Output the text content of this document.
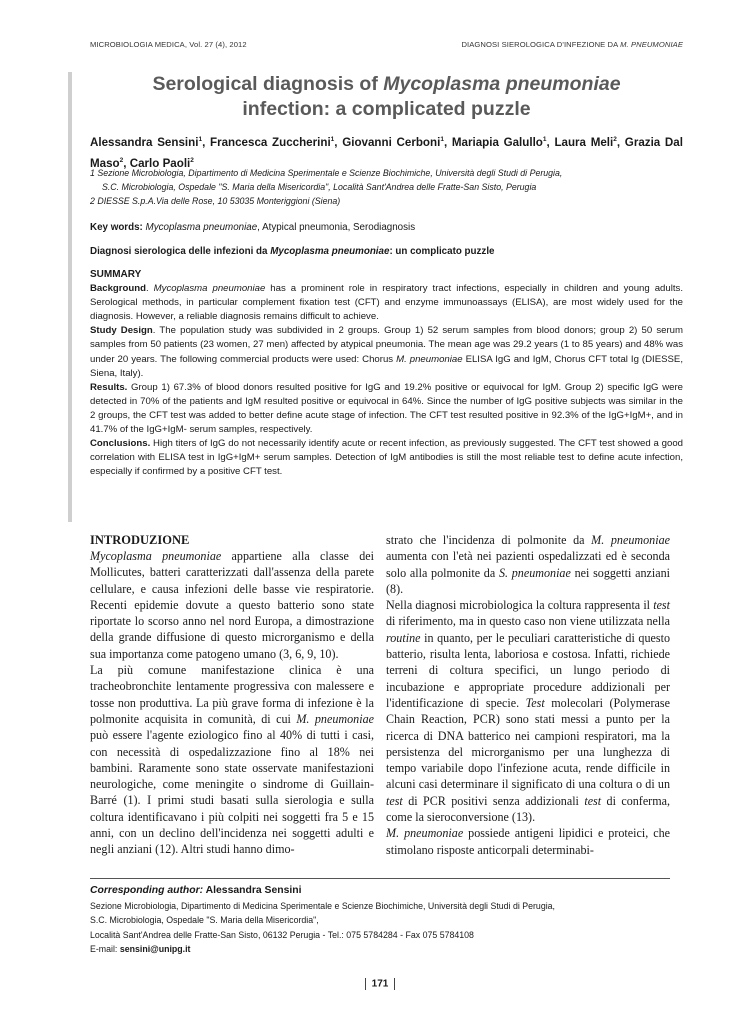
MICROBIOLOGIA MEDICA, Vol. 27 (4), 2012	DIAGNOSI SIEROLOGICA D'INFEZIONE DA M. PNEUMONIAE
Serological diagnosis of Mycoplasma pneumoniae
infection: a complicated puzzle
Alessandra Sensini$^1$, Francesca Zuccherini$^1$, Giovanni Cerboni$^1$, Mariapia Galullo$^1$, Laura Meli$^2$, Grazia Dal Maso$^2$, Carlo Paoli$^2$
1 Sezione Microbiologia, Dipartimento di Medicina Sperimentale e Scienze Biochimiche, Università degli Studi di Perugia,
S.C. Microbiologia, Ospedale "S. Maria della Misericordia", Località Sant'Andrea delle Fratte-San Sisto, Perugia
2 DIESSE S.p.A.Via delle Rose, 10 53035 Monteriggioni (Siena)
Key words: Mycoplasma pneumoniae, Atypical pneumonia, Serodiagnosis
Diagnosi sierologica delle infezioni da Mycoplasma pneumoniae: un complicato puzzle
SUMMARY
Background. Mycoplasma pneumoniae has a prominent role in respiratory tract infections, especially in children and young adults. Serological methods, in particular complement fixation test (CFT) and enzyme immunoassays (ELISA), are most widely used for the diagnosis. However, a reliable diagnosis remains difficult to achieve.
Study Design. The population study was subdivided in 2 groups. Group 1) 52 serum samples from blood donors; group 2) 50 serum samples from 50 patients (23 women, 27 men) affected by atypical pneumonia. The mean age was 29.2 years (1 to 85 years) and 48% was under 20 years. The following commercial products were used: Chorus M. pneumoniae ELISA IgG and IgM, Chorus CFT total Ig (DIESSE, Siena, Italy).
Results. Group 1) 67.3% of blood donors resulted positive for IgG and 19.2% positive or equivocal for IgM. Group 2) specific IgG were detected in 70% of the patients and IgM resulted positive or equivocal in 64%. Since the number of IgG positive subjects was similar in the 2 groups, the CFT test was added to better define acute stage of infection. The CFT test resulted positive in 92.3% of the IgG+IgM+, and in 41.7% of the IgG+IgM- serum samples, respectively.
Conclusions. High titers of IgG do not necessarily identify acute or recent infection, as previously suggested. The CFT test showed a good correlation with ELISA test in IgG+IgM+ serum samples. Detection of IgM antibodies is still the most reliable test to define acute infection, especially if confirmed by a positive CFT test.
INTRODUZIONE

Mycoplasma pneumoniae appartiene alla classe dei Mollicutes, batteri caratterizzati dall'assenza della parete cellulare, e causa infezioni delle basse vie respiratorie. Recenti epidemie dovute a questo batterio sono state riportate lo scorso anno nel nord Europa, a dimostrazione della grande diffusione di questo microrganismo e della sua importanza come patogeno umano (3, 6, 9, 10).

La più comune manifestazione clinica è una tracheobronchite lentamente progressiva con malessere e tosse non produttiva. La più grave forma di infezione è la polmonite acquisita in comunità, di cui M. pneumoniae può essere l'agente eziologico fino al 40% di tutti i casi, con necessità di ospedalizzazione fino al 18% nei bambini. Raramente sono state osservate manifestazioni neurologiche, come meningite o sindrome di Guillain-Barré (1). I primi studi basati sulla sierologia e sulla coltura identificavano i più colpiti nei soggetti fra 5 e 15 anni, con un declino dell'incidenza nei soggetti adulti e negli anziani (12). Altri studi hanno dimo-

strato che l'incidenza di polmonite da M. pneumoniae aumenta con l'età nei pazienti ospedalizzati ed è seconda solo alla polmonite da S. pneumoniae nei soggetti anziani (8).

Nella diagnosi microbiologica la coltura rappresenta il test di riferimento, ma in questo caso non viene utilizzata nella routine in quanto, per le peculiari caratteristiche di questo batterio, risulta lenta, laboriosa e costosa. Infatti, richiede terreni di coltura specifici, un lungo periodo di incubazione e appropriate procedure addizionali per l'identificazione di specie. Test molecolari (Polymerase Chain Reaction, PCR) sono stati messi a punto per la ricerca di DNA batterico nei campioni respiratori, ma la persistenza del microrganismo per una lunghezza di tempo variabile dopo l'infezione acuta, rende difficile in alcuni casi determinare il significato di una coltura o di un test di PCR positivi senza addizionali test di conferma, come la sieroconversione (13).

M. pneumoniae possiede antigeni lipidici e proteici, che stimolano risposte anticorpali determinabi-

Corresponding author: Alessandra Sensini
Sezione Microbiologia, Dipartimento di Medicina Sperimentale e Scienze Biochimiche, Università degli Studi di Perugia,
S.C. Microbiologia, Ospedale "S. Maria della Misericordia",
Località Sant'Andrea delle Fratte-San Sisto, 06132 Perugia - Tel.: 075 5784284 - Fax 075 5784108
E-mail: sensini@unipg.it
171
